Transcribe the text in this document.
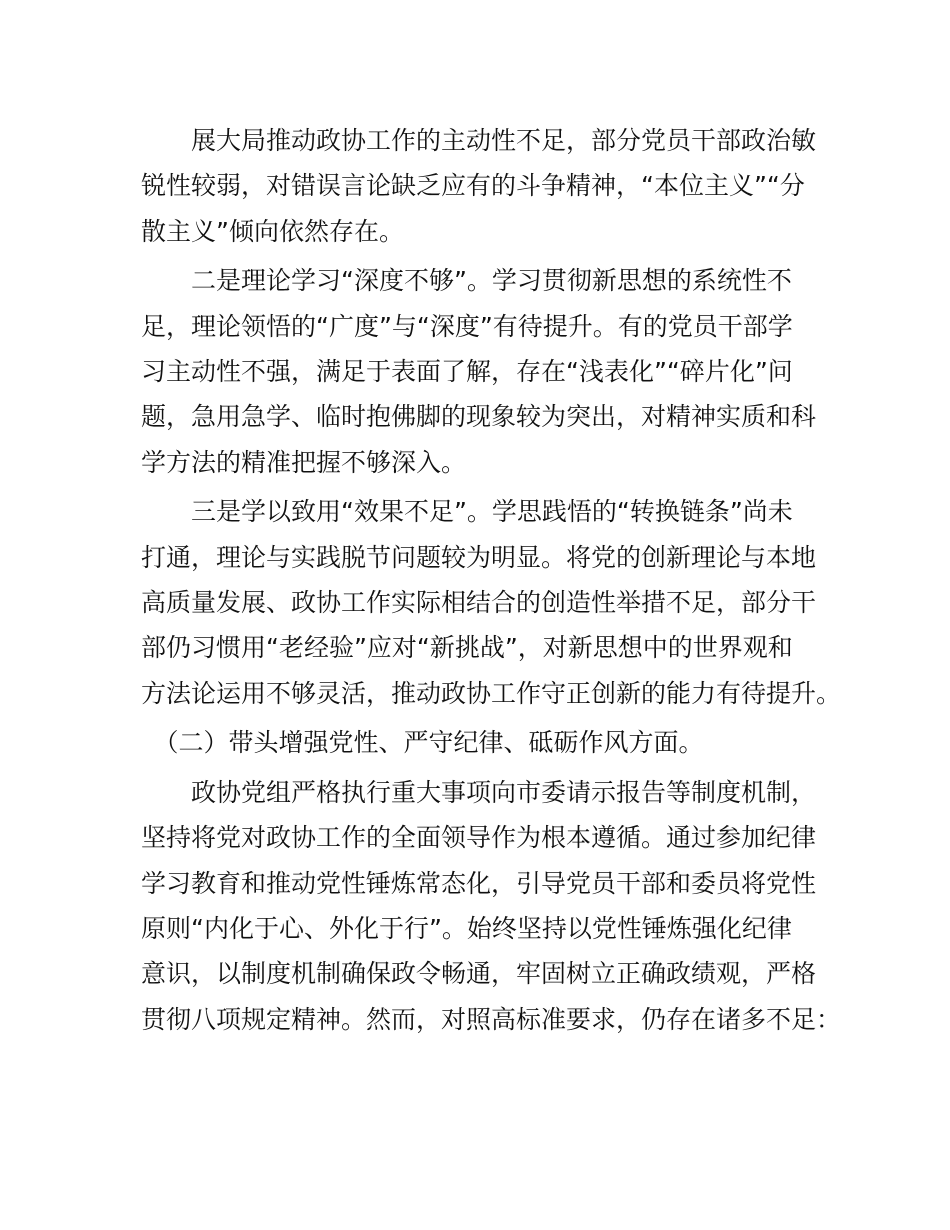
　　展大局推动政协工作的主动性不足，部分党员干部政治敏
锐性较弱，对错误言论缺乏应有的斗争精神，“本位主义”“分
散主义”倾向依然存在。

　　二是理论学习“深度不够”。学习贯彻新思想的系统性不
足，理论领悟的“广度”与“深度”有待提升。有的党员干部学
习主动性不强，满足于表面了解，存在“浅表化”“碎片化”问
题，急用急学、临时抱佛脚的现象较为突出，对精神实质和科
学方法的精准把握不够深入。

　　三是学以致用“效果不足”。学思践悟的“转换链条”尚未
打通，理论与实践脱节问题较为明显。将党的创新理论与本地
高质量发展、政协工作实际相结合的创造性举措不足，部分干
部仍习惯用“老经验”应对“新挑战”，对新思想中的世界观和
方法论运用不够灵活，推动政协工作守正创新的能力有待提升。

　（二）带头增强党性、严守纪律、砥砺作风方面。

　　政协党组严格执行重大事项向市委请示报告等制度机制，
坚持将党对政协工作的全面领导作为根本遵循。通过参加纪律
学习教育和推动党性锤炼常态化，引导党员干部和委员将党性
原则“内化于心、外化于行”。始终坚持以党性锤炼强化纪律
意识，以制度机制确保政令畅通，牢固树立正确政绩观，严格
贯彻八项规定精神。然而，对照高标准要求，仍存在诸多不足：
